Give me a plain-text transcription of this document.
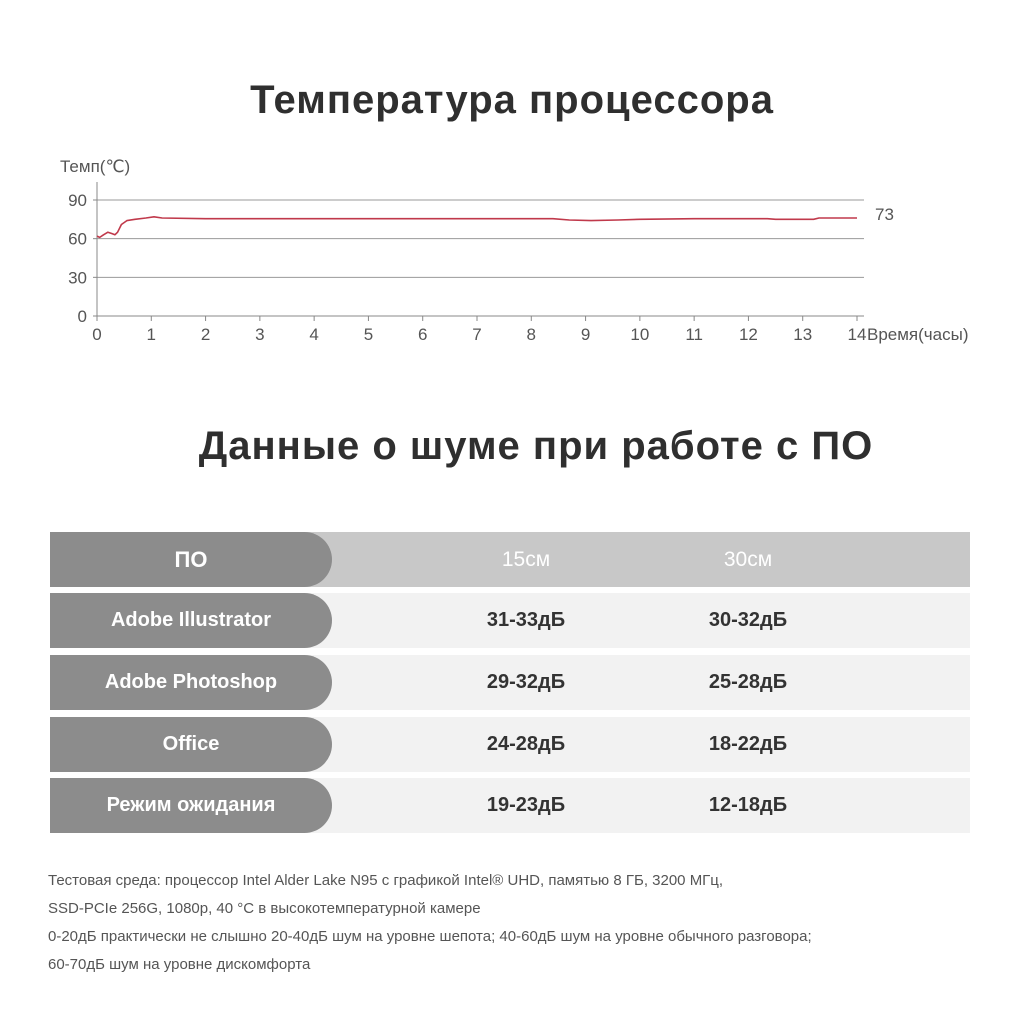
Температура процессора
0
30
60
90
0	1	2	3	4	5	6	7	8	9 10 11 12 13 14
Темп(℃)
Время(часы)
73
Данные о шуме при работе с ПО
ПО	15см	30см
Adobe Illustrator	31-33дБ	30-32дБ
Adobe Photoshop	29-32дБ	25-28дБ
Office	24-28дБ	18-22дБ
Режим ожидания	19-23дБ	12-18дБ
Тестовая среда: процессор Intel Alder Lake N95 с графикой Intel® UHD, памятью 8 ГБ, 3200 МГц,
SSD-PCIe 256G, 1080p, 40 °C в высокотемпературной камере
0-20дБ практически не слышно 20-40дБ шум на уровне шепота; 40-60дБ шум на уровне обычного разговора;
60-70дБ шум на уровне дискомфорта
